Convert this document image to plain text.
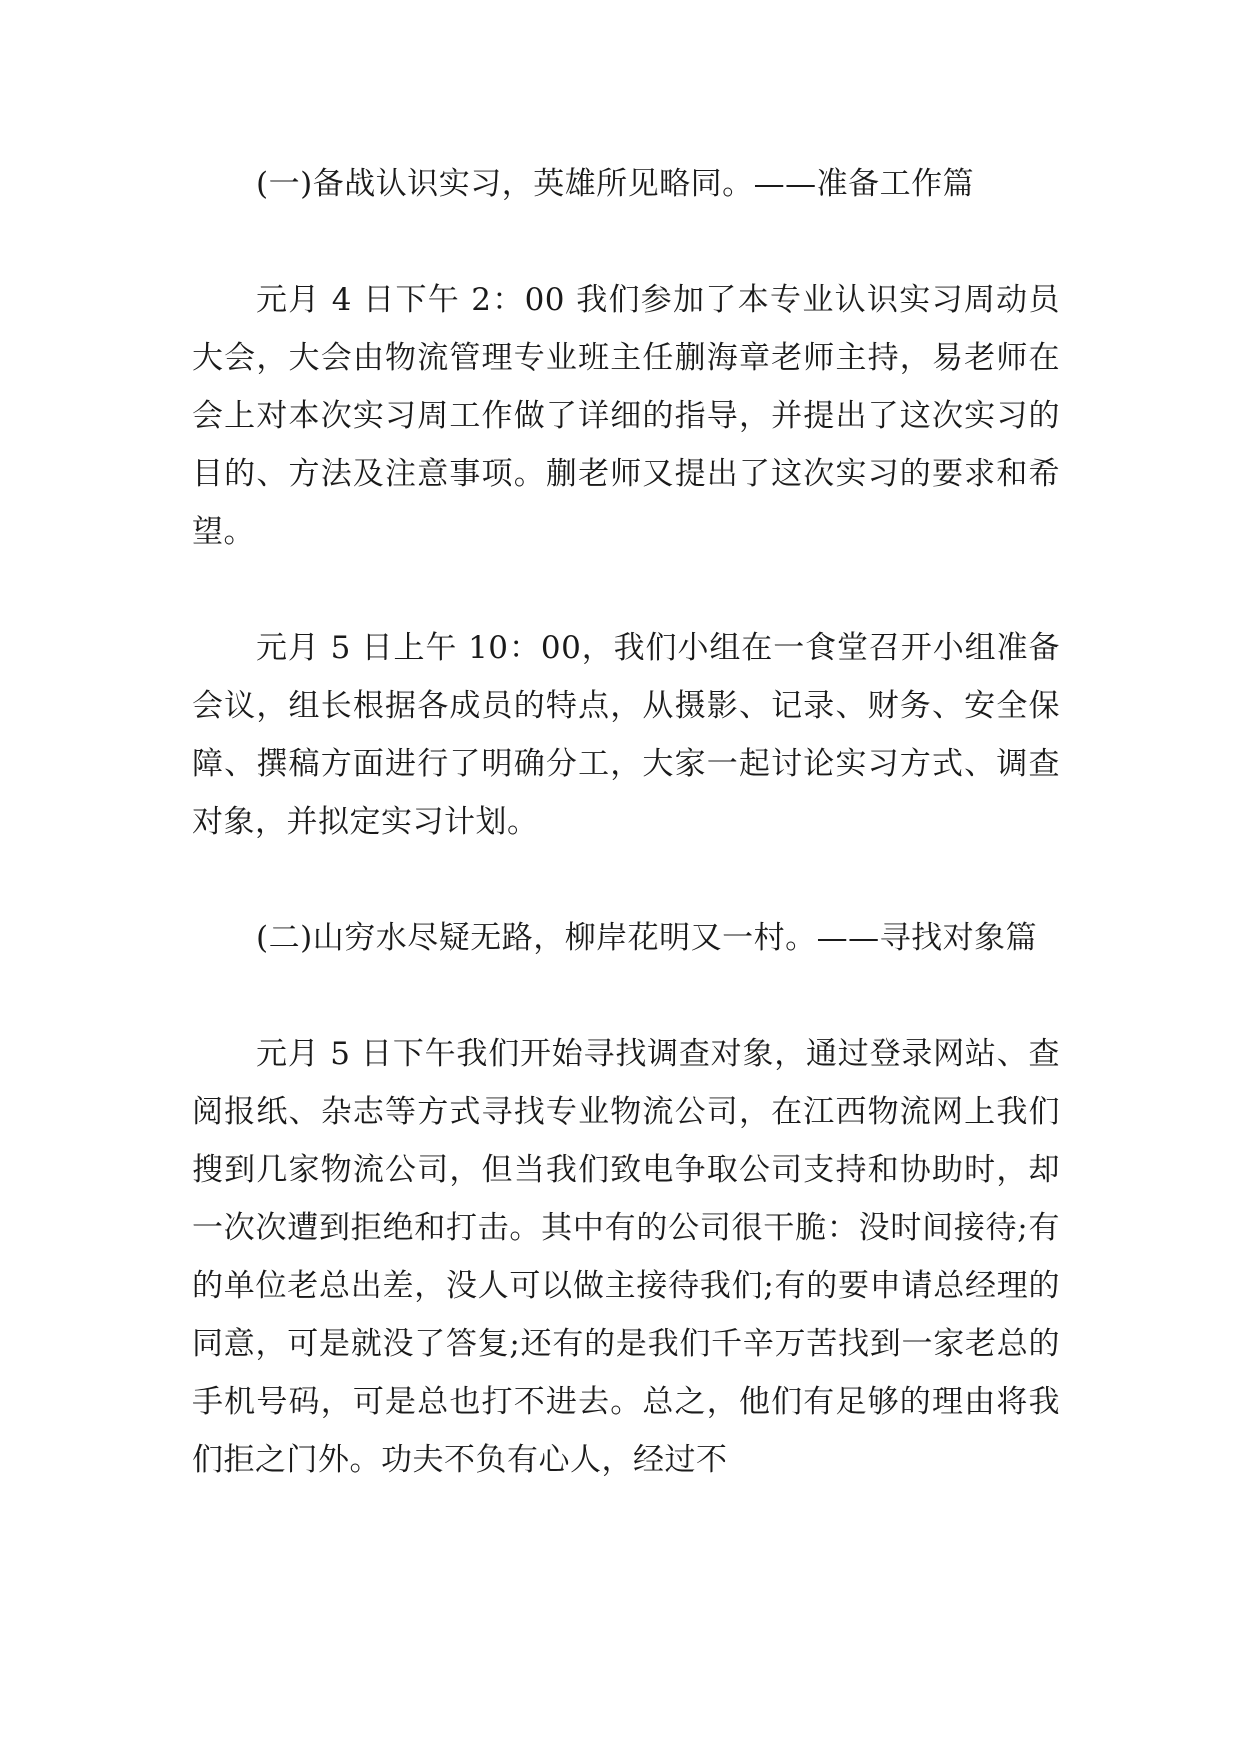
(一)备战认识实习，英雄所见略同。——准备工作篇

元月 4 日下午 2：00 我们参加了本专业认识实习周动员大会，大会由物流管理专业班主任蒯海章老师主持，易老师在会上对本次实习周工作做了详细的指导，并提出了这次实习的目的、方法及注意事项。蒯老师又提出了这次实习的要求和希望。

元月 5 日上午 10：00，我们小组在一食堂召开小组准备会议，组长根据各成员的特点，从摄影、记录、财务、安全保障、撰稿方面进行了明确分工，大家一起讨论实习方式、调查对象，并拟定实习计划。

(二)山穷水尽疑无路，柳岸花明又一村。——寻找对象篇

元月 5 日下午我们开始寻找调查对象，通过登录网站、查阅报纸、杂志等方式寻找专业物流公司，在江西物流网上我们搜到几家物流公司，但当我们致电争取公司支持和协助时，却一次次遭到拒绝和打击。其中有的公司很干脆：没时间接待;有的单位老总出差，没人可以做主接待我们;有的要申请总经理的同意，可是就没了答复;还有的是我们千辛万苦找到一家老总的手机号码，可是总也打不进去。总之，他们有足够的理由将我们拒之门外。功夫不负有心人，经过不
